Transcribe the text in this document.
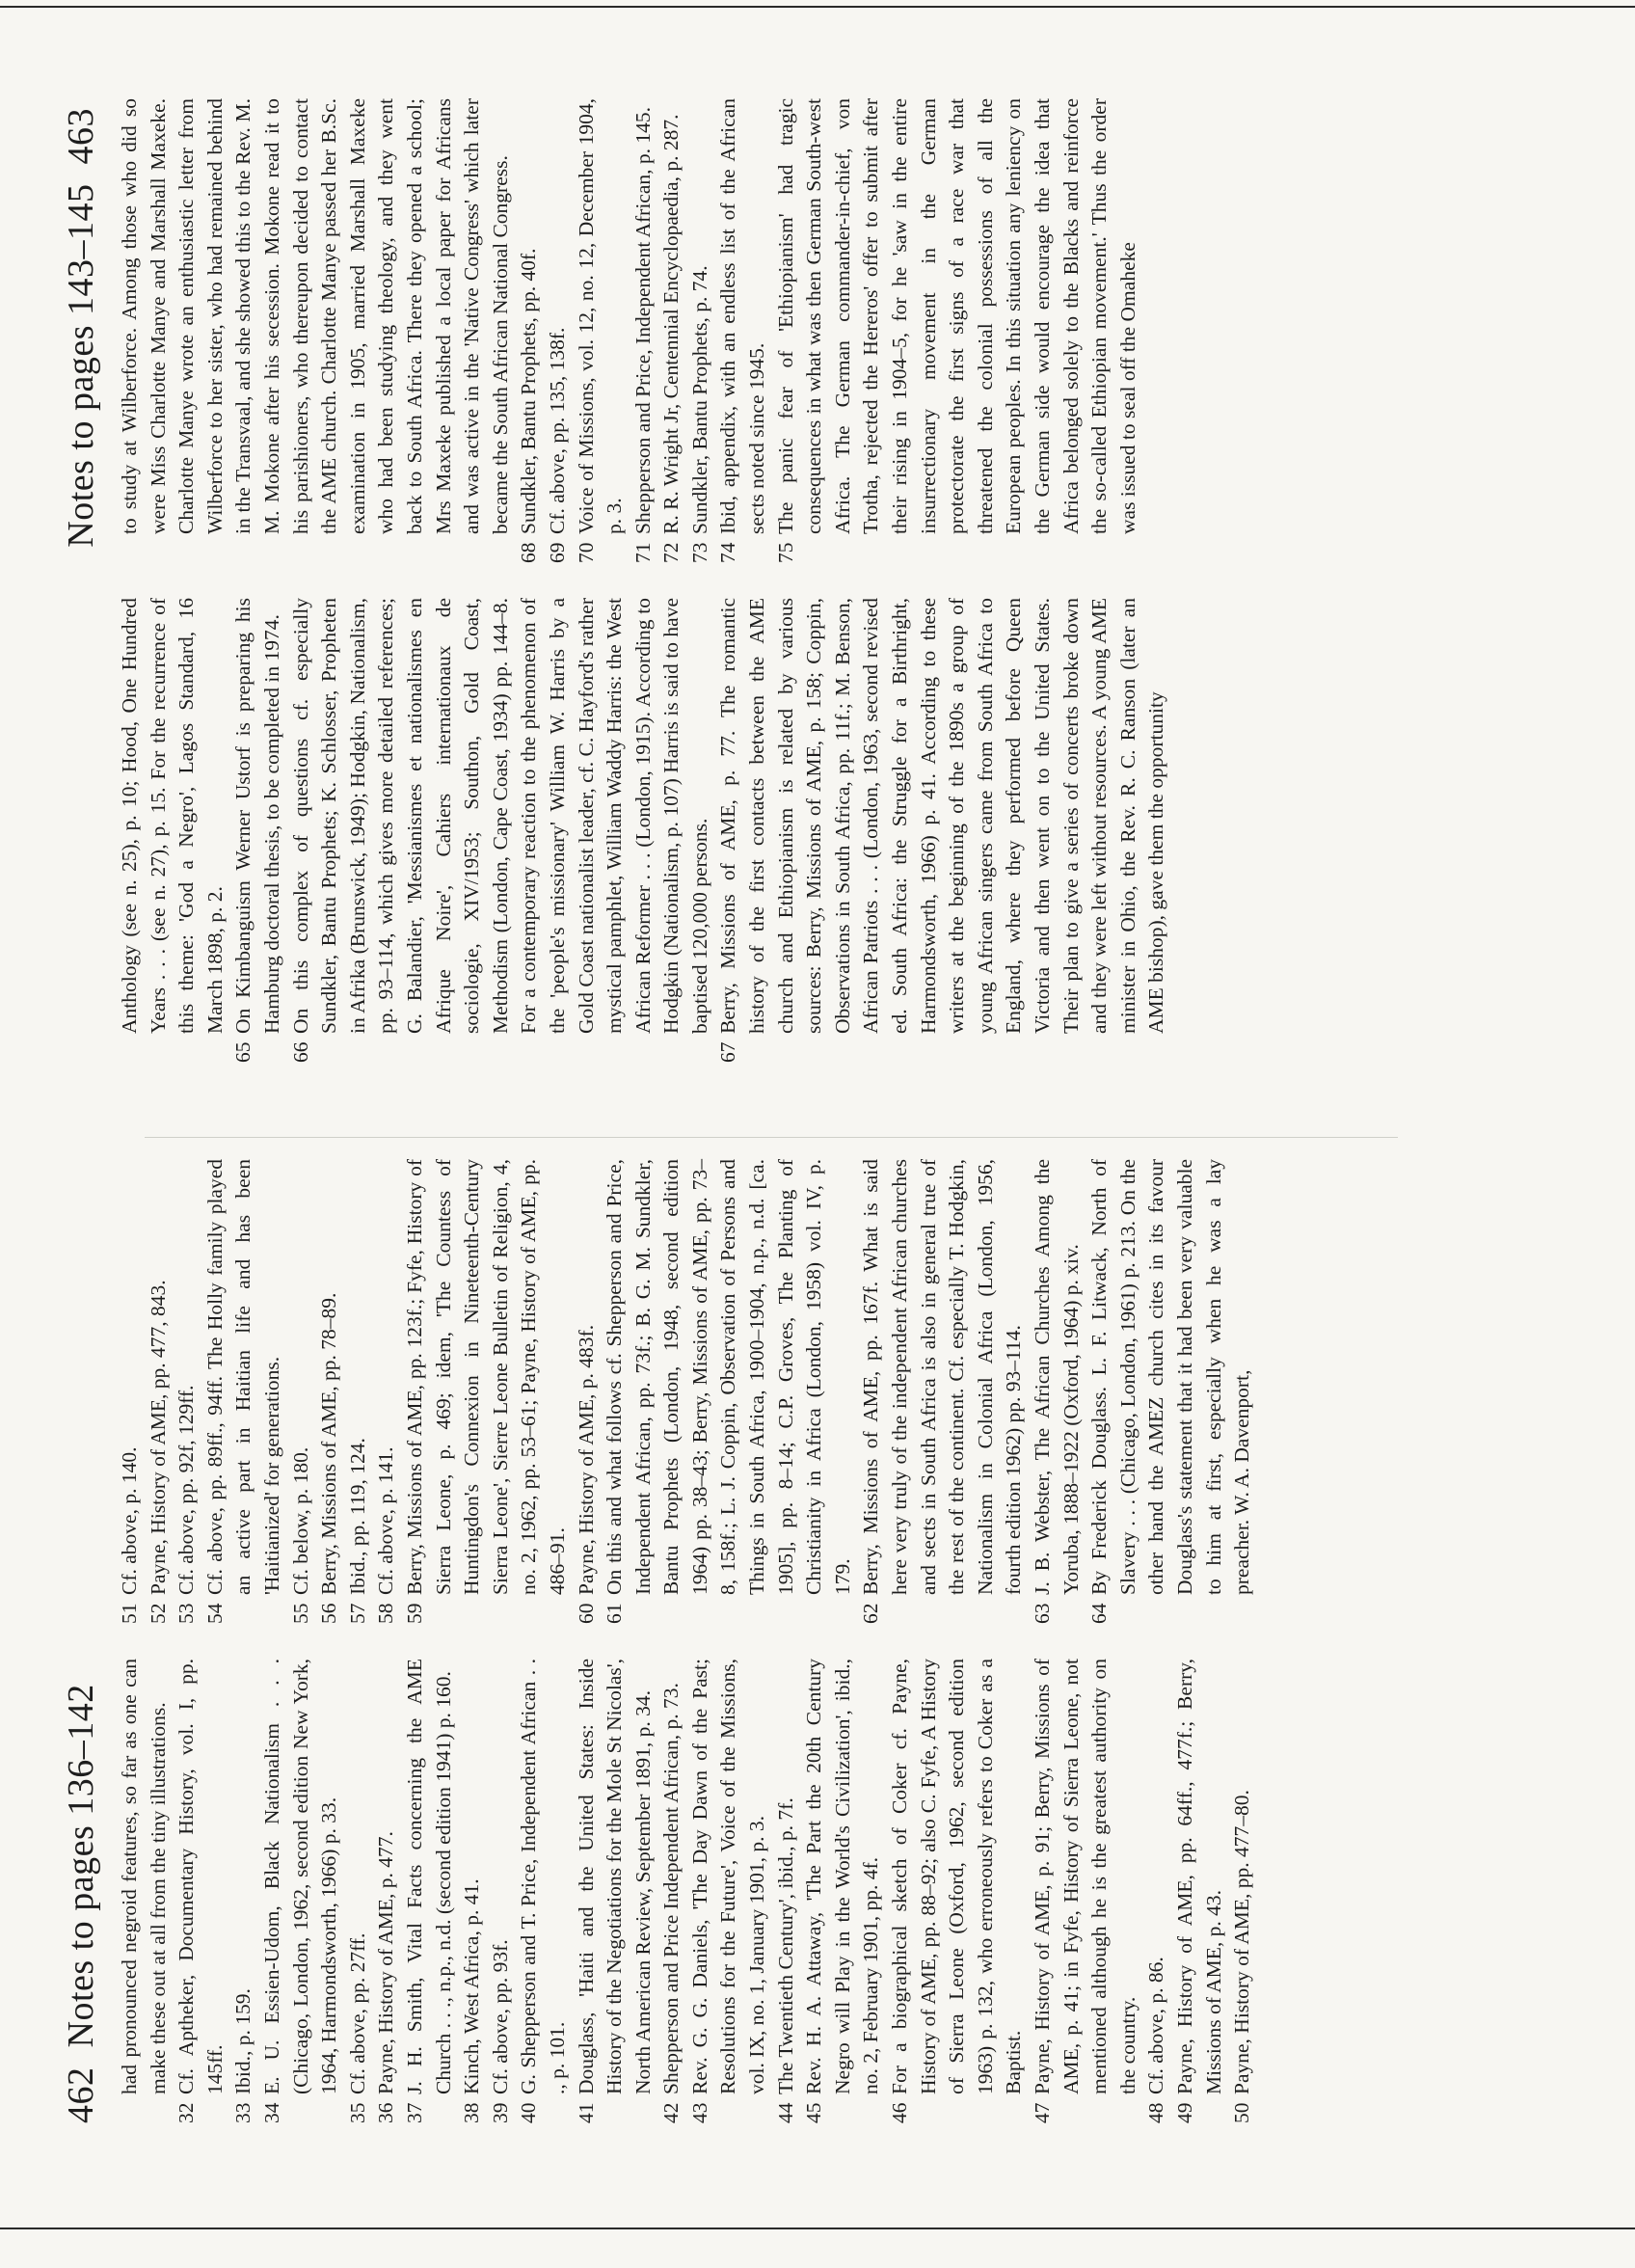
462 Notes to pages 136–142 had pronounced negroid features, so far as one can make these out at all from the tiny illustrations.

32Cf. Aptheker, Documentary History, vol. I, pp. 145ff.

33Ibid., p. 159.

34E. U. Essien-Udom, Black Nationalism . . . (Chicago, London, 1962, second edition New York, 1964, Harmondsworth, 1966) p. 33.

35Cf. above, pp. 27ff.

36Payne, History of AME, p. 477.

37J. H. Smith, Vital Facts concerning the AME Church . . ., n.p., n.d. (second edition 1941) p. 160.

38Kinch, West Africa, p. 41.

39Cf. above, pp. 93f.

40G. Shepperson and T. Price, Independent African . . ., p. 101.

41Douglass, 'Haiti and the United States: Inside History of the Negotiations for the Mole St Nicolas', North American Review, September 1891, p. 34.

42Shepperson and Price Independent African, p. 73.

43Rev. G. G. Daniels, 'The Day Dawn of the Past; Resolutions for the Future', Voice of the Missions, vol. IX, no. 1, January 1901, p. 3.

44The Twentieth Century', ibid., p. 7f.

45Rev. H. A. Attaway, 'The Part the 20th Century Negro will Play in the World's Civilization', ibid., no. 2, February 1901, pp. 4f.

46For a biographical sketch of Coker cf. Payne, History of AME, pp. 88–92; also C. Fyfe, A History of Sierra Leone (Oxford, 1962, second edition 1963) p. 132, who erroneously refers to Coker as a Baptist.

47Payne, History of AME, p. 91; Berry, Missions of AME, p. 41; in Fyfe, History of Sierra Leone, not mentioned although he is the greatest authority on the country.

48Cf. above, p. 86.

49Payne, History of AME, pp. 64ff., 477f.; Berry, Missions of AME, p. 43.

50Payne, History of AME, pp. 477–80.

51Cf. above, p. 140.

52Payne, History of AME, pp. 477, 843.

53Cf. above, pp. 92f, 129ff.

54Cf. above, pp. 89ff., 94ff. The Holly family played an active part in Haitian life and has been 'Haitianized' for generations.

55Cf. below, p. 180.

56Berry, Missions of AME, pp. 78–89.

57Ibid., pp. 119, 124.

58Cf. above, p. 141.

59Berry, Missions of AME, pp. 123f.; Fyfe, History of Sierra Leone, p. 469; idem, 'The Countess of Huntingdon's Connexion in Nineteenth-Century Sierra Leone', Sierre Leone Bulletin of Religion, 4, no. 2, 1962, pp. 53–61; Payne, History of AME, pp. 486–91.

60Payne, History of AME, p. 483f.

61On this and what follows cf. Shepperson and Price, Independent African, pp. 73f.; B. G. M. Sundkler, Bantu Prophets (London, 1948, second edition 1964) pp. 38–43; Berry, Missions of AME, pp. 73–8, 158f.; L. J. Coppin, Observation of Persons and Things in South Africa, 1900–1904, n.p., n.d. [ca. 1905], pp. 8–14; C.P. Groves, The Planting of Christianity in Africa (London, 1958) vol. IV, p. 179.

62Berry, Missions of AME, pp. 167f. What is said here very truly of the independent African churches and sects in South Africa is also in general true of the rest of the continent. Cf. especially T. Hodgkin, Nationalism in Colonial Africa (London, 1956, fourth edition 1962) pp. 93–114.

63J. B. Webster, The African Churches Among the Yoruba, 1888–1922 (Oxford, 1964) p. xiv.

64By Frederick Douglass. L. F. Litwack, North of Slavery . . . (Chicago, London, 1961) p. 213. On the other hand the AMEZ church cites in its favour Douglass's statement that it had been very valuable to him at first, especially when he was a lay preacher. W. A. Davenport,

Notes to pages 143–145 463

Anthology (see n. 25), p. 10; Hood, One Hundred Years . . . (see n. 27), p. 15. For the recurrence of this theme: 'God a Negro', Lagos Standard, 16 March 1898, p. 2.

65On Kimbanguism Werner Ustorf is preparing his Hamburg doctoral thesis, to be completed in 1974.

66On this complex of questions cf. especially Sundkler, Bantu Prophets; K. Schlosser, Propheten in Afrika (Brunswick, 1949); Hodgkin, Nationalism, pp. 93–114, which gives more detailed references; G. Balandier, 'Messianismes et nationalismes en Afrique Noire', Cahiers internationaux de sociologie, XIV/1953; Southon, Gold Coast, Methodism (London, Cape Coast, 1934) pp. 144–8. For a contemporary reaction to the phenomenon of the 'people's missionary' William W. Harris by a Gold Coast nationalist leader, cf. C. Hayford's rather mystical pamphlet, William Waddy Harris: the West African Reformer . . . (London, 1915). According to Hodgkin (Nationalism, p. 107) Harris is said to have baptised 120,000 persons.

67Berry, Missions of AME, p. 77. The romantic history of the first contacts between the AME church and Ethiopianism is related by various sources: Berry, Missions of AME, p. 158; Coppin, Observations in South Africa, pp. 11f.; M. Benson, African Patriots . . . (London, 1963, second revised ed. South Africa: the Struggle for a Birthright, Harmondsworth, 1966) p. 41. According to these writers at the beginning of the 1890s a group of young African singers came from South Africa to England, where they performed before Queen Victoria and then went on to the United States. Their plan to give a series of concerts broke down and they were left without resources. A young AME minister in Ohio, the Rev. R. C. Ranson (later an AME bishop), gave them the opportunity

to study at Wilberforce. Among those who did so were Miss Charlotte Manye and Marshall Maxeke. Charlotte Manye wrote an enthusiastic letter from Wilberforce to her sister, who had remained behind in the Transvaal, and she showed this to the Rev. M. M. Mokone after his secession. Mokone read it to his parishioners, who thereupon decided to contact the AME church. Charlotte Manye passed her B.Sc. examination in 1905, married Marshall Maxeke who had been studying theology, and they went back to South Africa. There they opened a school; Mrs Maxeke published a local paper for Africans and was active in the 'Native Congress' which later became the South African National Congress.

68Sundkler, Bantu Prophets, pp. 40f.

69Cf. above, pp. 135, 138f.

70Voice of Missions, vol. 12, no. 12, December 1904, p. 3.

71Shepperson and Price, Independent African, p. 145.

72R. R. Wright Jr, Centennial Encyclopaedia, p. 287.

73Sundkler, Bantu Prophets, p. 74.

74Ibid, appendix, with an endless list of the African sects noted since 1945.

75The panic fear of 'Ethiopianism' had tragic consequences in what was then German South-west Africa. The German commander-in-chief, von Trotha, rejected the Hereros' offer to submit after their rising in 1904–5, for he 'saw in the entire insurrectionary movement in the German protectorate the first signs of a race war that threatened the colonial possessions of all the European peoples. In this situation any leniency on the German side would encourage the idea that Africa belonged solely to the Blacks and reinforce the so-called Ethiopian movement.' Thus the order was issued to seal off the Omaheke
